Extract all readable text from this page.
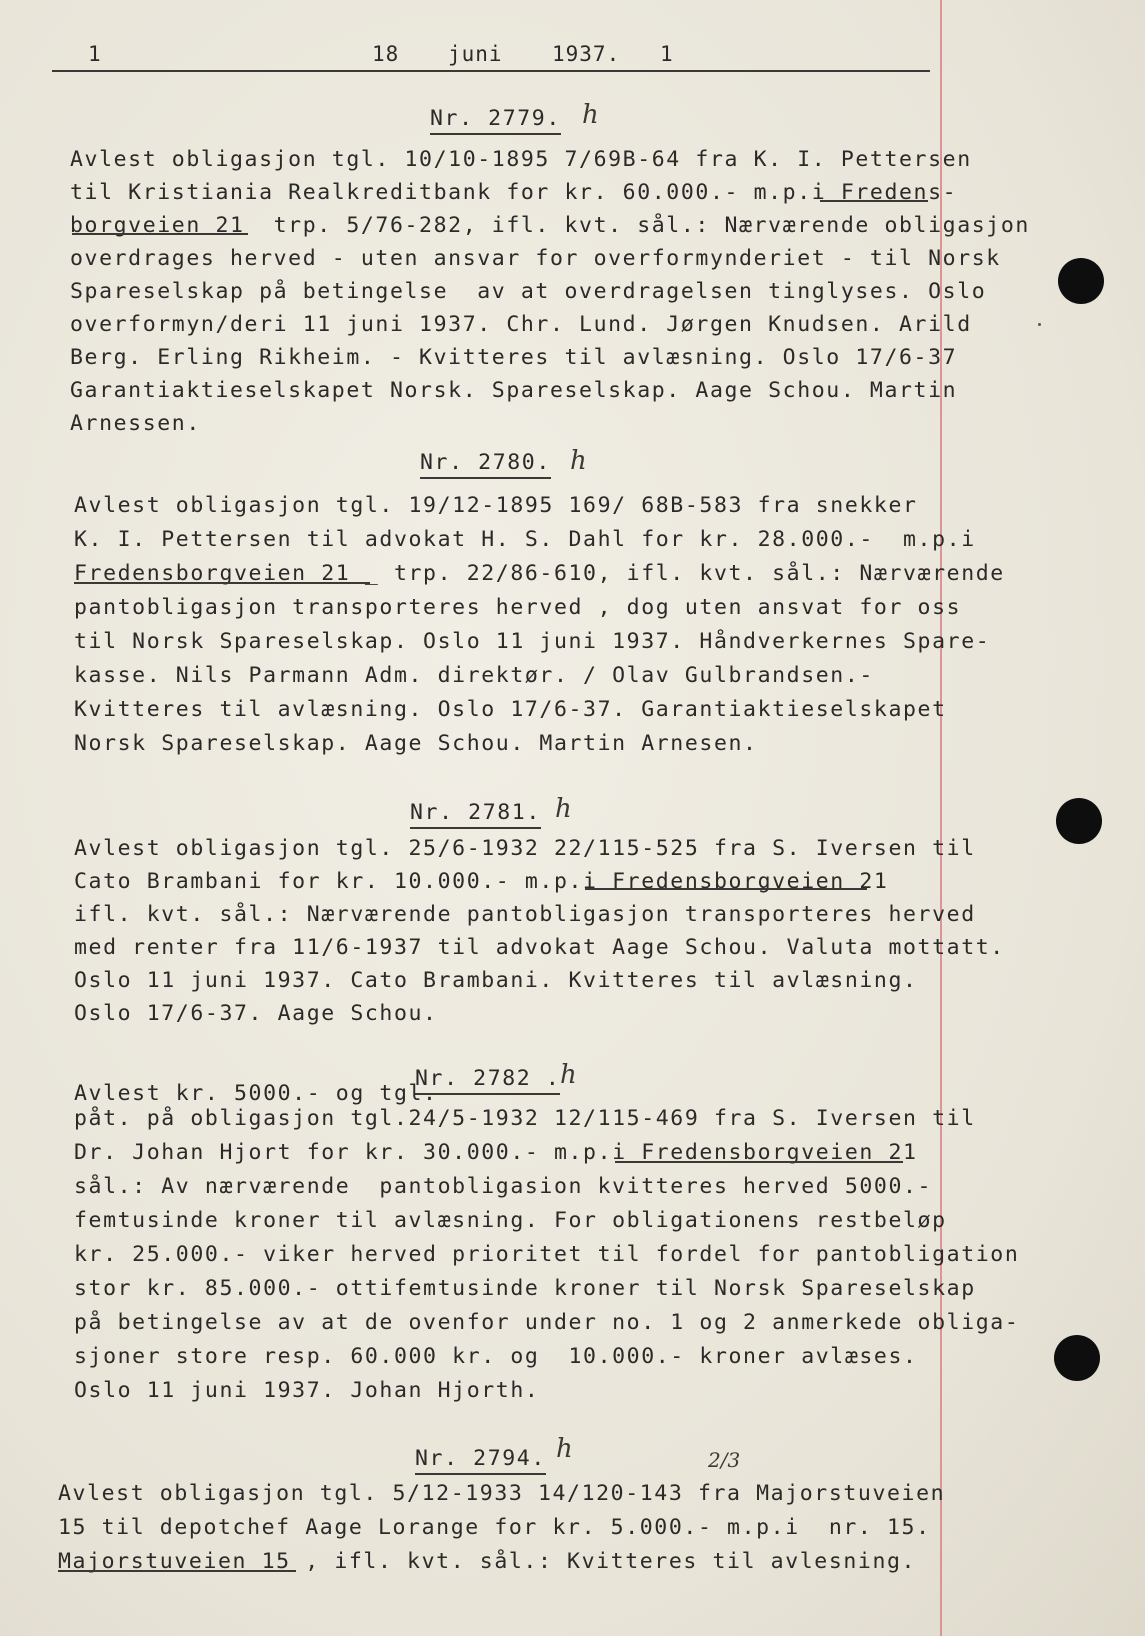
1	18 juni 1937. 1
Nr. 2779. h
Avlest obligasjon tgl. 10/10-1895 7/69B-64 fra K. I. Pettersen
til Kristiania Realkreditbank for kr. 60.000.- m.p.i Fredens-
borgveien 21  trp. 5/76-282, ifl. kvt. sål.: Nærværende obligasjon
overdrages herved - uten ansvar for overformynderiet - til Norsk
Spareselskap på betingelse  av at overdragelsen tinglyses. Oslo
overformyn/deri 11 juni 1937. Chr. Lund. Jørgen Knudsen. Arild
Berg. Erling Rikheim. - Kvitteres til avlæsning. Oslo 17/6-37
Garantiaktieselskapet Norsk. Spareselskap. Aage Schou. Martin
Arnessen.
Nr. 2780. h
Avlest obligasjon tgl. 19/12-1895 169/ 68B-583 fra snekker
K. I. Pettersen til advokat H. S. Dahl for kr. 28.000.-  m.p.i
Fredensborgveien 21 _ trp. 22/86-610, ifl. kvt. sål.: Nærværende
pantobligasjon transporteres herved , dog uten ansvat for oss
til Norsk Spareselskap. Oslo 11 juni 1937. Håndverkernes Spare-
kasse. Nils Parmann Adm. direktør. / Olav Gulbrandsen.-
Kvitteres til avlæsning. Oslo 17/6-37. Garantiaktieselskapet
Norsk Spareselskap. Aage Schou. Martin Arnesen.
Nr. 2781. h
Avlest obligasjon tgl. 25/6-1932 22/115-525 fra S. Iversen til
Cato Brambani for kr. 10.000.- m.p.i Fredensborgveien 21
ifl. kvt. sål.: Nærværende pantobligasjon transporteres herved
med renter fra 11/6-1937 til advokat Aage Schou. Valuta mottatt.
Oslo 11 juni 1937. Cato Brambani. Kvitteres til avlæsning.
Oslo 17/6-37. Aage Schou.
Avlest kr. 5000.- og tgl.
Nr. 2782 . h
påt. på obligasjon tgl.24/5-1932 12/115-469 fra S. Iversen til
Dr. Johan Hjort for kr. 30.000.- m.p.i Fredensborgveien 21
sål.: Av nærværende  pantobligasion kvitteres herved 5000.-
femtusinde kroner til avlæsning. For obligationens restbeløp
kr. 25.000.- viker herved prioritet til fordel for pantobligation
stor kr. 85.000.- ottifemtusinde kroner til Norsk Spareselskap
på betingelse av at de ovenfor under no. 1 og 2 anmerkede obliga-
sjoner store resp. 60.000 kr. og  10.000.- kroner avlæses.
Oslo 11 juni 1937. Johan Hjorth.
Nr. 2794. h	2/3
Avlest obligasjon tgl. 5/12-1933 14/120-143 fra Majorstuveien
15 til depotchef Aage Lorange for kr. 5.000.- m.p.i  nr. 15.
Majorstuveien 15 , ifl. kvt. sål.: Kvitteres til avlesning.
